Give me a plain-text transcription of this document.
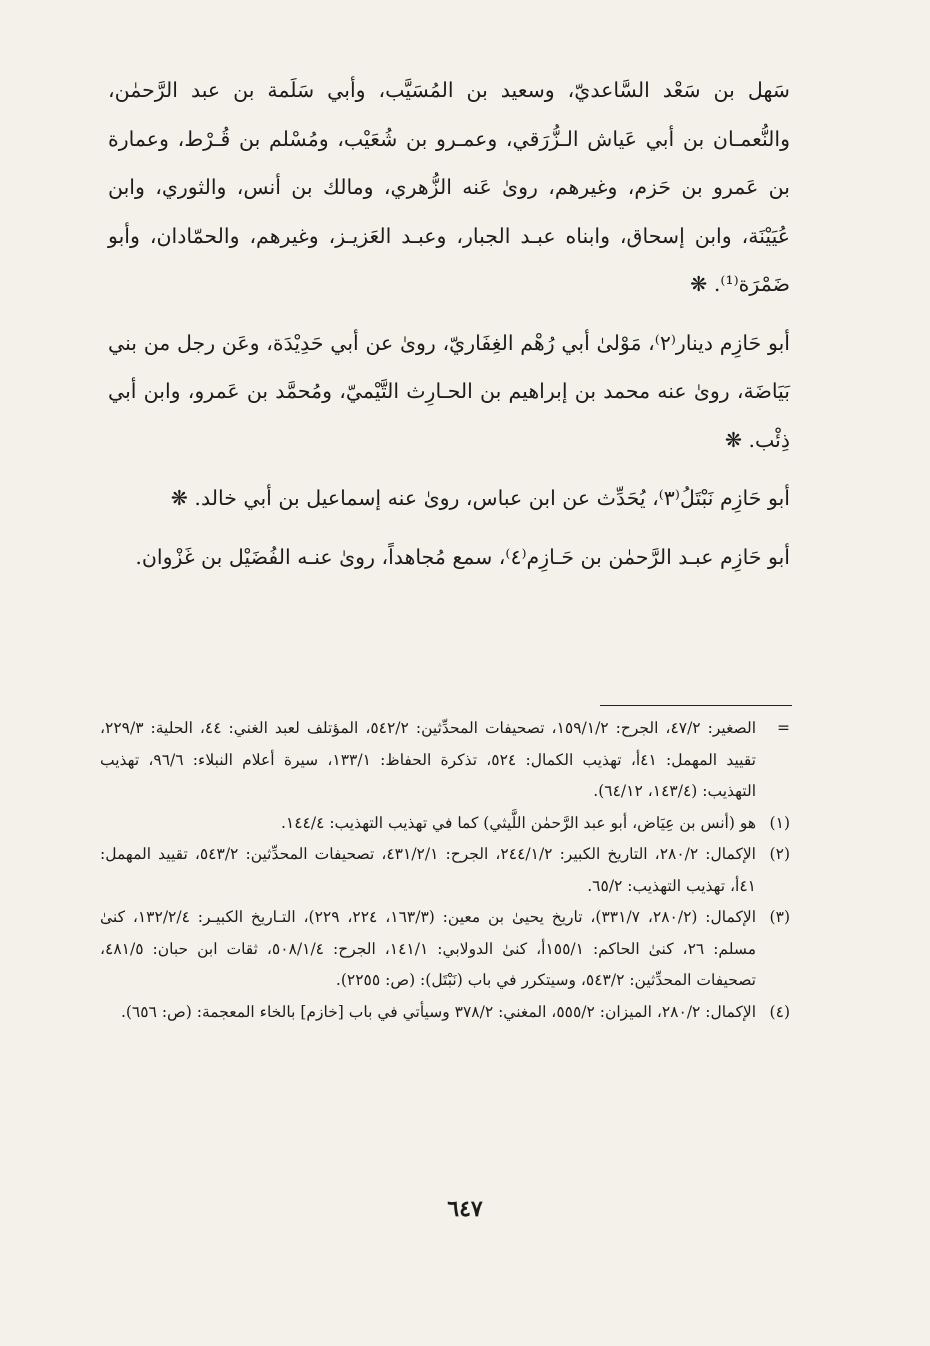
سَهل بن سَعْد السَّاعديّ، وسعيد بن المُسَيَّب، وأبي سَلَمة بن عبد الرَّحمٰن، والنُّعمـان بن أبي عَياش الـزُّرَقي، وعمـرو بن شُعَيْب، ومُسْلم بن قُـرْط، وعمارة بن عَمرو بن حَزم، وغيرهم، روىٰ عَنه الزُّهري، ومالك بن أنس، والثوري، وابن عُيَيْنَة، وابن إسحاق، وابناه عبـد الجبار، وعبـد العَزيـز، وغيرهم، والحمّادان، وأبو ضَمْرَة⁽¹⁾. ❋

أبو حَازِم دينار⁽٢⁾، مَوْلىٰ أبي رُهْم الغِفَاريّ، روىٰ عن أبي حَدِيْدَة، وعَن رجل من بني بَيَاضَة، روىٰ عنه محمد بن إبراهيم بن الحـارِث التَّيْميّ، ومُحمَّد بن عَمرو، وابن أبي ذِئْب. ❋

أبو حَازِم نَبْتَلُ⁽٣⁾، يُحَدِّث عن ابن عباس، روىٰ عنه إسماعيل بن أبي خالد. ❋

أبو حَازِم عبـد الرَّحمٰن بن حَـازِم⁽٤⁾، سمع مُجاهداً، روىٰ عنـه الفُضَيْل بن غَزْوان.

=
الصغير: ٤٧/٢، الجرح: ١٥٩/١/٢، تصحيفات المحدِّثين: ٥٤٢/٢، المؤتلف لعبد الغني: ٤٤، الحلية: ٢٢٩/٣، تقييد المهمل: ٤١أ، تهذيب الكمال: ٥٢٤، تذكرة الحفاظ: ١٣٣/١، سيرة أعلام النبلاء: ٩٦/٦، تهذيب التهذيب: (١٤٣/٤، ٦٤/١٢).
(١)
هو (أنس بن عِيَاض، أبو عبد الرَّحمٰن اللَّيثي) كما في تهذيب التهذيب: ١٤٤/٤.
(٢)
الإكمال: ٢٨٠/٢، التاريخ الكبير: ٢٤٤/١/٢، الجرح: ٤٣١/٢/١، تصحيفات المحدِّثين: ٥٤٣/٢، تقييد المهمل: ٤١أ، تهذيب التهذيب: ٦٥/٢.
(٣)
الإكمال: (٢٨٠/٢، ٣٣١/٧)، تاريخ يحيىٰ بن معين: (١٦٣/٣، ٢٢٤، ٢٢٩)، التـاريخ الكبيـر: ١٣٢/٢/٤، كنىٰ مسلم: ٢٦، كنىٰ الحاكم: ١٥٥/١أ، كنىٰ الدولابي: ١٤١/١، الجرح: ٥٠٨/١/٤، ثقات ابن حبان: ٤٨١/٥، تصحيفات المحدِّثين: ٥٤٣/٢، وسيتكرر في باب (نَبْتَل): (ص: ٢٢٥٥).
(٤)
الإكمال: ٢٨٠/٢، الميزان: ٥٥٥/٢، المغني: ٣٧٨/٢ وسيأتي في باب [خازم] بالخاء المعجمة: (ص: ٦٥٦).
٦٤٧
